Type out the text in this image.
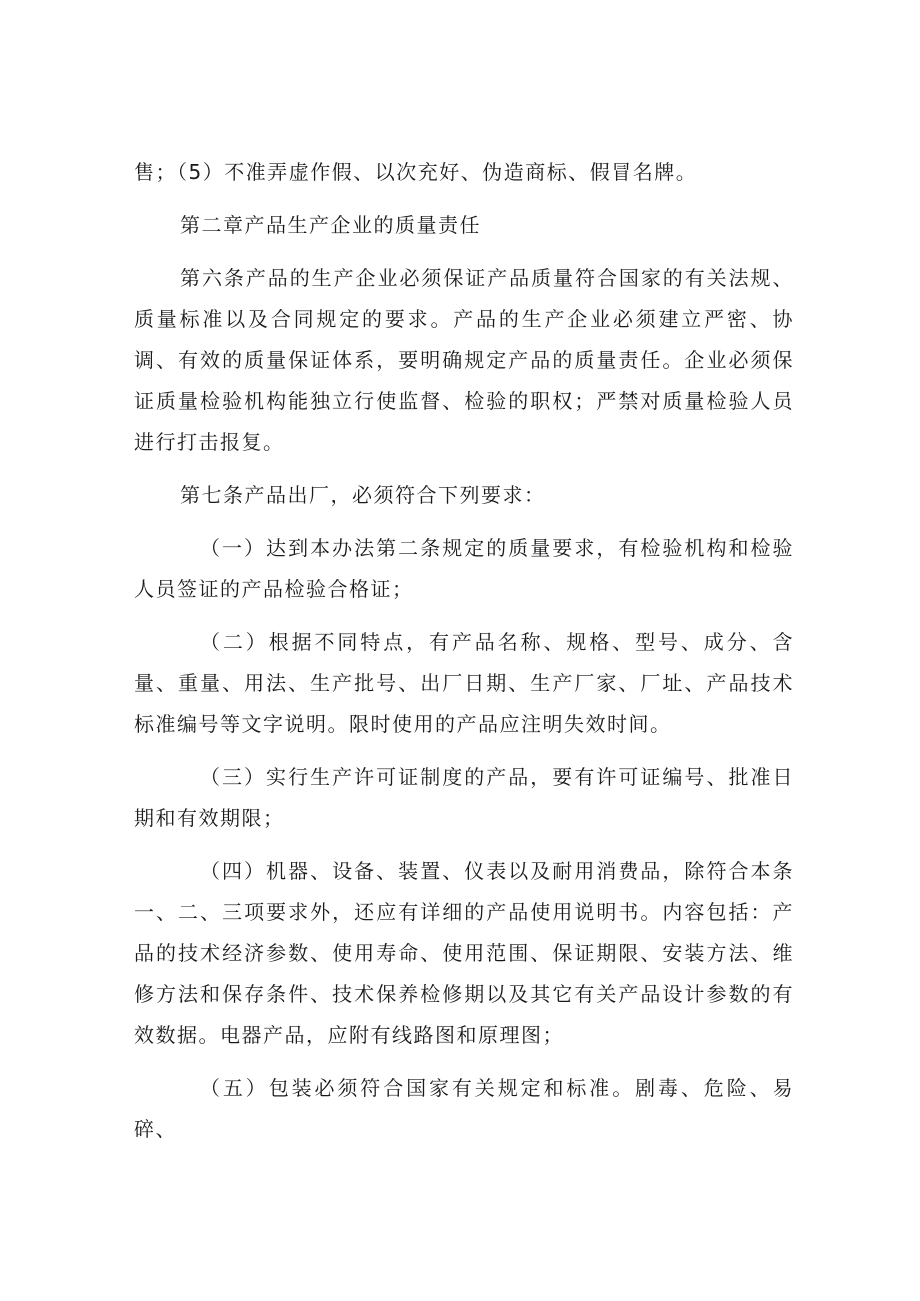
售；（5）不准弄虚作假、以次充好、伪造商标、假冒名牌。

第二章产品生产企业的质量责任

第六条产品的生产企业必须保证产品质量符合国家的有关法规、质量标准以及合同规定的要求。产品的生产企业必须建立严密、协调、有效的质量保证体系，要明确规定产品的质量责任。企业必须保证质量检验机构能独立行使监督、检验的职权；严禁对质量检验人员进行打击报复。

第七条产品出厂，必须符合下列要求：

（一）达到本办法第二条规定的质量要求，有检验机构和检验人员签证的产品检验合格证；

（二）根据不同特点，有产品名称、规格、型号、成分、含量、重量、用法、生产批号、出厂日期、生产厂家、厂址、产品技术标准编号等文字说明。限时使用的产品应注明失效时间。

（三）实行生产许可证制度的产品，要有许可证编号、批准日期和有效期限；

（四）机器、设备、装置、仪表以及耐用消费品，除符合本条一、二、三项要求外，还应有详细的产品使用说明书。内容包括：产品的技术经济参数、使用寿命、使用范围、保证期限、安装方法、维修方法和保存条件、技术保养检修期以及其它有关产品设计参数的有效数据。电器产品，应附有线路图和原理图；

（五）包装必须符合国家有关规定和标准。剧毒、危险、易碎、
